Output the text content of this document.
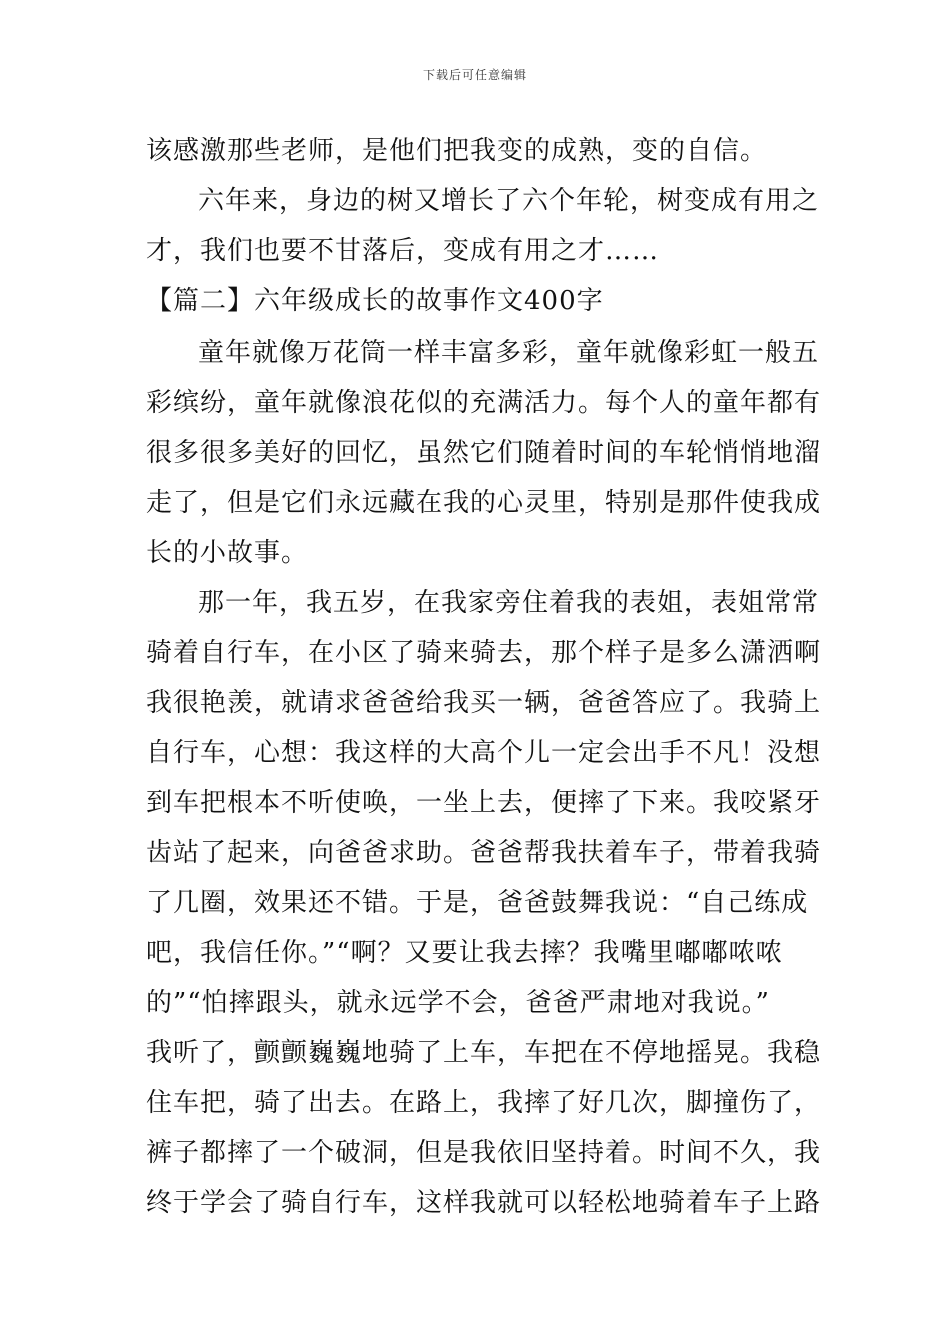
下载后可任意编辑
该感激那些老师，是他们把我变的成熟，变的自信。
六年来，身边的树又增长了六个年轮，树变成有用之
才，我们也要不甘落后，变成有用之才……
【篇二】六年级成长的故事作文400字
童年就像万花筒一样丰富多彩，童年就像彩虹一般五
彩缤纷，童年就像浪花似的充满活力。每个人的童年都有
很多很多美好的回忆，虽然它们随着时间的车轮悄悄地溜
走了，但是它们永远藏在我的心灵里，特别是那件使我成
长的小故事。
那一年，我五岁，在我家旁住着我的表姐，表姐常常
骑着自行车，在小区了骑来骑去，那个样子是多么潇洒啊
我很艳羡，就请求爸爸给我买一辆，爸爸答应了。我骑上
自行车，心想：我这样的大高个儿一定会出手不凡！没想
到车把根本不听使唤，一坐上去，便摔了下来。我咬紧牙
齿站了起来，向爸爸求助。爸爸帮我扶着车子，带着我骑
了几圈，效果还不错。于是，爸爸鼓舞我说：“自己练成
吧，我信任你。”“啊？又要让我去摔？我嘴里嘟嘟哝哝
的”“怕摔跟头，就永远学不会，爸爸严肃地对我说。”
我听了，颤颤巍巍地骑了上车，车把在不停地摇晃。我稳
住车把，骑了出去。在路上，我摔了好几次，脚撞伤了，
裤子都摔了一个破洞，但是我依旧坚持着。时间不久，我
终于学会了骑自行车，这样我就可以轻松地骑着车子上路
